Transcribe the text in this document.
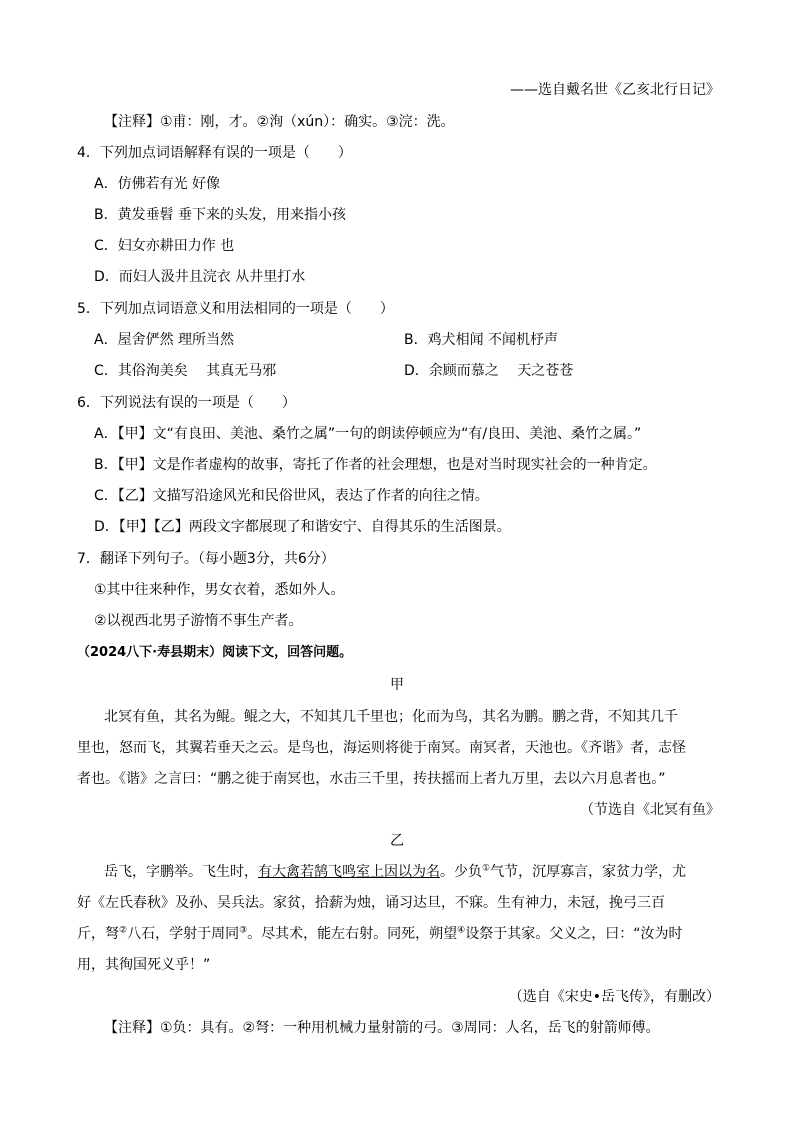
——选自戴名世《乙亥北行日记》
【注释】①甫：刚，才。②洵（xún）：确实。③浣：洗。
4．下列加点词语解释有误的一项是（　　）
A．仿佛若有光 好像
B．黄发垂髫 垂下来的头发，用来指小孩
C．妇女亦耕田力作 也
D．而妇人汲井且浣衣 从井里打水
5．下列加点词语意义和用法相同的一项是（　　）
A．屋舍俨然 理所当然	B．鸡犬相闻 不闻机杼声
C．其俗洵美矣　 其真无马邪	D．余顾而慕之　 天之苍苍
6．下列说法有误的一项是（　　）
A．【甲】文“有良田、美池、桑竹之属”一句的朗读停顿应为“有/良田、美池、桑竹之属。”
B．【甲】文是作者虚构的故事，寄托了作者的社会理想，也是对当时现实社会的一种肯定。
C．【乙】文描写沿途风光和民俗世风，表达了作者的向往之情。
D．【甲】【乙】两段文字都展现了和谐安宁、自得其乐的生活图景。
7．翻译下列句子。（每小题3分，共6分）
①其中往来种作，男女衣着，悉如外人。
②以视西北男子游惰不事生产者。
（2024八下·寿县期末）阅读下文，回答问题。
甲
北冥有鱼，其名为鲲。鲲之大，不知其几千里也；化而为鸟，其名为鹏。鹏之背，不知其几千
里也，怒而飞，其翼若垂天之云。是鸟也，海运则将徙于南冥。南冥者，天池也。《齐谐》者，志怪
者也。《谐》之言曰：“鹏之徙于南冥也，水击三千里，抟扶摇而上者九万里，去以六月息者也。”
（节选自《北冥有鱼》
乙
岳飞，字鹏举。飞生时，有大禽若鹄飞鸣室上因以为名。少负①气节，沉厚寡言，家贫力学，尤
好《左氏春秋》及孙、吴兵法。家贫，拾薪为烛，诵习达旦，不寐。生有神力，未冠，挽弓三百
斤，弩②八石，学射于周同③。尽其术，能左右射。同死，朔望④设祭于其家。父义之，曰：“汝为时
用，其徇国死义乎！”
（选自《宋史•岳飞传》，有删改）
【注释】①负：具有。②弩：一种用机械力量射箭的弓。③周同：人名，岳飞的射箭师傅。
